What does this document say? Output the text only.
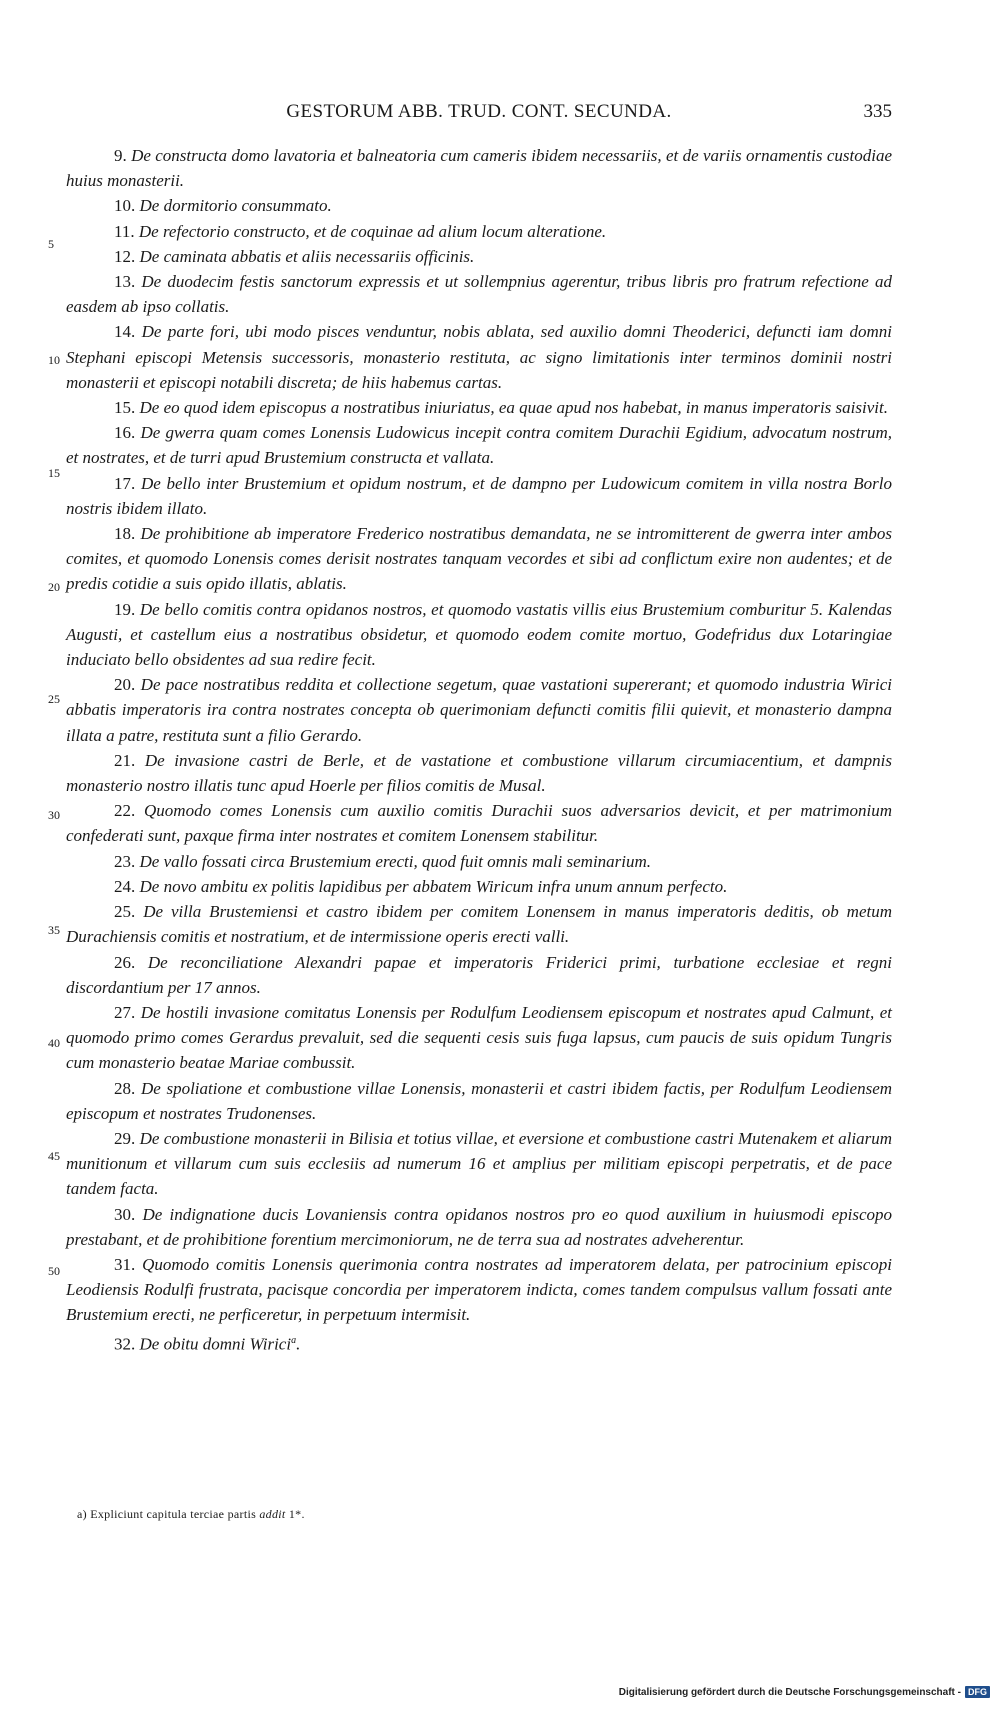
GESTORUM ABB. TRUD. CONT. SECUNDA.	335

9. De constructa domo lavatoria et balneatoria cum cameris ibidem necessariis, et de variis ornamentis custodiae huius monasterii.

10. De dormitorio consummato.

11. De refectorio constructo, et de coquinae ad alium locum alteratione.

12. De caminata abbatis et aliis necessariis officinis.

13. De duodecim festis sanctorum expressis et ut sollempnius agerentur, tribus libris pro fratrum refectione ad easdem ab ipso collatis.

14. De parte fori, ubi modo pisces venduntur, nobis ablata, sed auxilio domni Theoderici, defuncti iam domni Stephani episcopi Metensis successoris, monasterio restituta, ac signo limitationis inter terminos dominii nostri monasterii et episcopi notabili discreta; de hiis habemus cartas.

15. De eo quod idem episcopus a nostratibus iniuriatus, ea quae apud nos habebat, in manus imperatoris saisivit.

16. De gwerra quam comes Lonensis Ludowicus incepit contra comitem Durachii Egidium, advocatum nostrum, et nostrates, et de turri apud Brustemium constructa et vallata.

17. De bello inter Brustemium et opidum nostrum, et de dampno per Ludowicum comitem in villa nostra Borlo nostris ibidem illato.

18. De prohibitione ab imperatore Frederico nostratibus demandata, ne se intromitterent de gwerra inter ambos comites, et quomodo Lonensis comes derisit nostrates tanquam vecordes et sibi ad conflictum exire non audentes; et de predis cotidie a suis opido illatis, ablatis.

19. De bello comitis contra opidanos nostros, et quomodo vastatis villis eius Brustemium comburitur 5. Kalendas Augusti, et castellum eius a nostratibus obsidetur, et quomodo eodem comite mortuo, Godefridus dux Lotaringiae induciato bello obsidentes ad sua redire fecit.

20. De pace nostratibus reddita et collectione segetum, quae vastationi supererant; et quomodo industria Wirici abbatis imperatoris ira contra nostrates concepta ob querimoniam defuncti comitis filii quievit, et monasterio dampna illata a patre, restituta sunt a filio Gerardo.

21. De invasione castri de Berle, et de vastatione et combustione villarum circumiacentium, et dampnis monasterio nostro illatis tunc apud Hoerle per filios comitis de Musal.

22. Quomodo comes Lonensis cum auxilio comitis Durachii suos adversarios devicit, et per matrimonium confederati sunt, paxque firma inter nostrates et comitem Lonensem stabilitur.

23. De vallo fossati circa Brustemium erecti, quod fuit omnis mali seminarium.

24. De novo ambitu ex politis lapidibus per abbatem Wiricum infra unum annum perfecto.

25. De villa Brustemiensi et castro ibidem per comitem Lonensem in manus imperatoris deditis, ob metum Durachiensis comitis et nostratium, et de intermissione operis erecti valli.

26. De reconciliatione Alexandri papae et imperatoris Friderici primi, turbatione ecclesiae et regni discordantium per 17 annos.

27. De hostili invasione comitatus Lonensis per Rodulfum Leodiensem episcopum et nostrates apud Calmunt, et quomodo primo comes Gerardus prevaluit, sed die sequenti cesis suis fuga lapsus, cum paucis de suis opidum Tungris cum monasterio beatae Mariae combussit.

28. De spoliatione et combustione villae Lonensis, monasterii et castri ibidem factis, per Rodulfum Leodiensem episcopum et nostrates Trudonenses.

29. De combustione monasterii in Bilisia et totius villae, et eversione et combustione castri Mutenakem et aliarum munitionum et villarum cum suis ecclesiis ad numerum 16 et amplius per militiam episcopi perpetratis, et de pace tandem facta.

30. De indignatione ducis Lovaniensis contra opidanos nostros pro eo quod auxilium in huiusmodi episcopo prestabant, et de prohibitione forentium mercimoniorum, ne de terra sua ad nostrates adveherentur.

31. Quomodo comitis Lonensis querimonia contra nostrates ad imperatorem delata, per patrocinium episcopi Leodiensis Rodulfi frustrata, pacisque concordia per imperatorem indicta, comes tandem compulsus vallum fossati ante Brustemium erecti, ne perficeretur, in perpetuum intermisit.

32. De obitu domni Wirici$^a$.

5
10
15
20
25
30
35
40
45
50
a) Expliciunt capitula terciae partis addit 1*.
Digitalisierung gefördert durch die Deutsche Forschungsgemeinschaft - DFG
